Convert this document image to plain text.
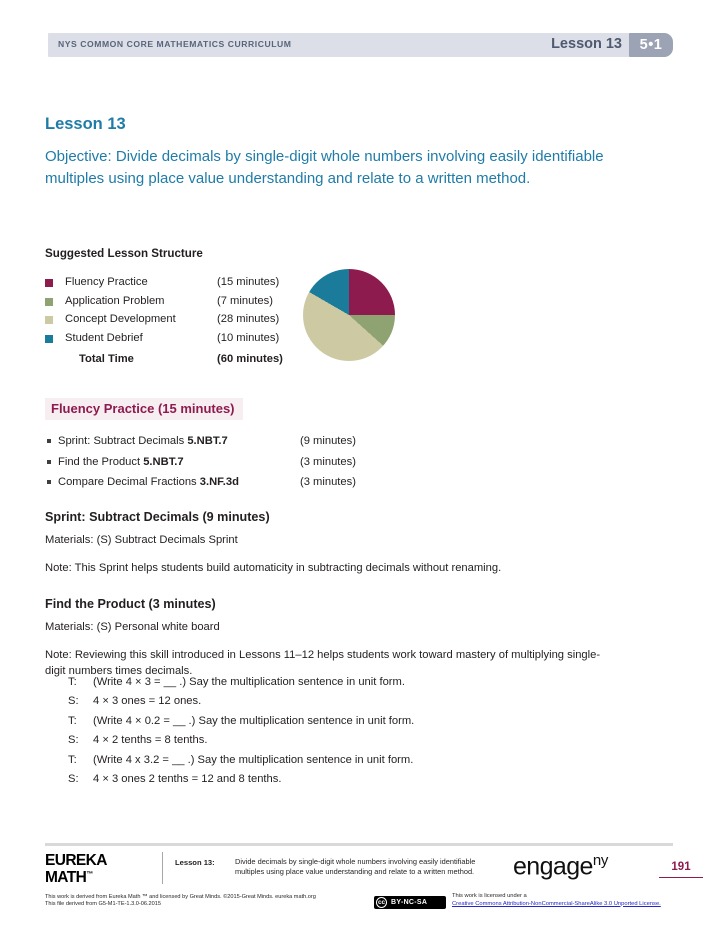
NYS COMMON CORE MATHEMATICS CURRICULUM	Lesson 13	5•1
Lesson 13
Objective: Divide decimals by single-digit whole numbers involving easily identifiable multiples using place value understanding and relate to a written method.
Suggested Lesson Structure
	Fluency Practice	(15 minutes)
	Application Problem	(7 minutes)
	Concept Development	(28 minutes)
	Student Debrief	(10 minutes)
	Total Time	(60 minutes)
Fluency Practice (15 minutes)
Sprint: Subtract Decimals 5.NBT.7	(9 minutes)
Find the Product 5.NBT.7	(3 minutes)
Compare Decimal Fractions 3.NF.3d	(3 minutes)
Sprint: Subtract Decimals (9 minutes)
Materials: (S) Subtract Decimals Sprint
Note: This Sprint helps students build automaticity in subtracting decimals without renaming.
Find the Product (3 minutes)
Materials: (S) Personal white board
Note: Reviewing this skill introduced in Lessons 11–12 helps students work toward mastery of multiplying single-digit numbers times decimals.
T: (Write 4 × 3 = __ .) Say the multiplication sentence in unit form.
S: 4 × 3 ones = 12 ones.
T: (Write 4 × 0.2 = __ .) Say the multiplication sentence in unit form.
S: 4 × 2 tenths = 8 tenths.
T: (Write 4 x 3.2 = __ .) Say the multiplication sentence in unit form.
S: 4 × 3 ones 2 tenths = 12 and 8 tenths.
EUREKA
MATH™
Lesson 13:	Divide decimals by single-digit whole numbers involving easily identifiable multiples using place value understanding and relate to a written method.	engage$^{ny}$	191
This work is derived from Eureka Math ™ and licensed by Great Minds. ©2015-Great Minds. eureka math.org
This file derived from G5-M1-TE-1.3.0-06.2015	cc BY-NC-SA
This work is licensed under a
Creative Commons Attribution-NonCommercial-ShareAlike 3.0 Unported License.
